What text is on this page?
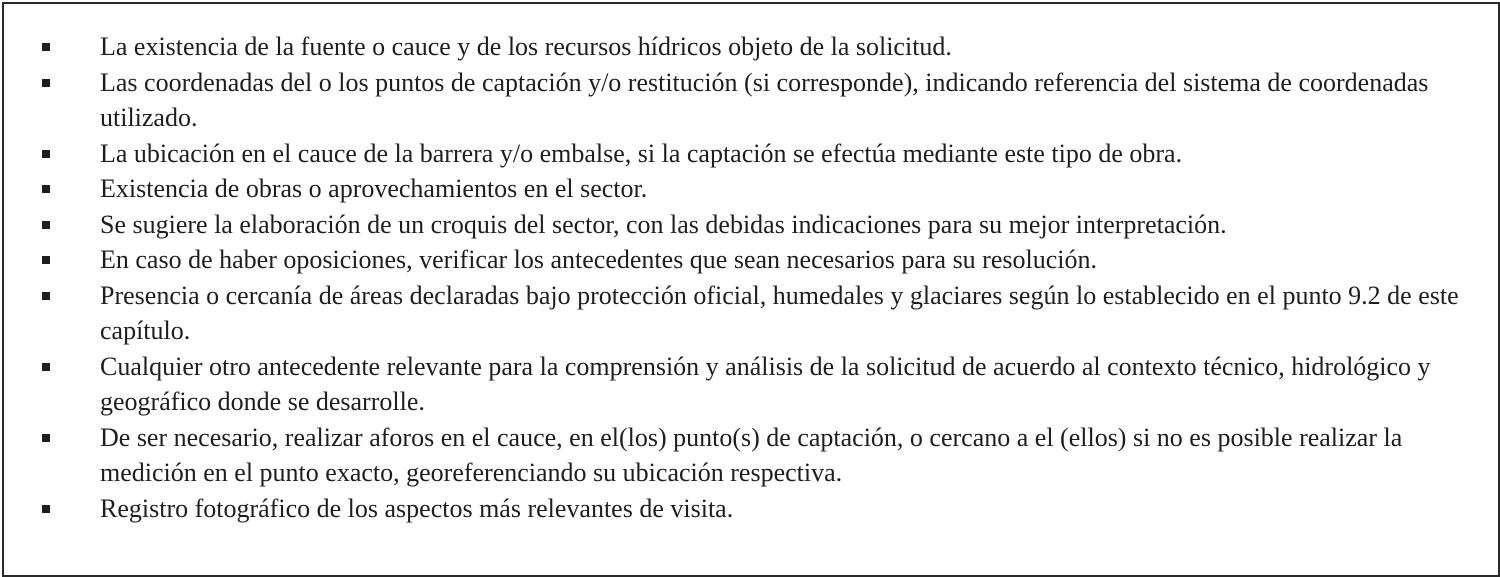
La existencia de la fuente o cauce y de los recursos hídricos objeto de la solicitud.
Las coordenadas del o los puntos de captación y/o restitución (si corresponde), indicando referencia del sistema de coordenadas utilizado.
La ubicación en el cauce de la barrera y/o embalse, si la captación se efectúa mediante este tipo de obra.
Existencia de obras o aprovechamientos en el sector.
Se sugiere la elaboración de un croquis del sector, con las debidas indicaciones para su mejor interpretación.
En caso de haber oposiciones, verificar los antecedentes que sean necesarios para su resolución.
Presencia o cercanía de áreas declaradas bajo protección oficial, humedales y glaciares según lo establecido en el punto 9.2 de este capítulo.
Cualquier otro antecedente relevante para la comprensión y análisis de la solicitud de acuerdo al contexto técnico, hidrológico y geográfico donde se desarrolle.
De ser necesario, realizar aforos en el cauce, en el(los) punto(s) de captación, o cercano a el (ellos) si no es posible realizar la medición en el punto exacto, georeferenciando su ubicación respectiva.
Registro fotográfico de los aspectos más relevantes de visita.
